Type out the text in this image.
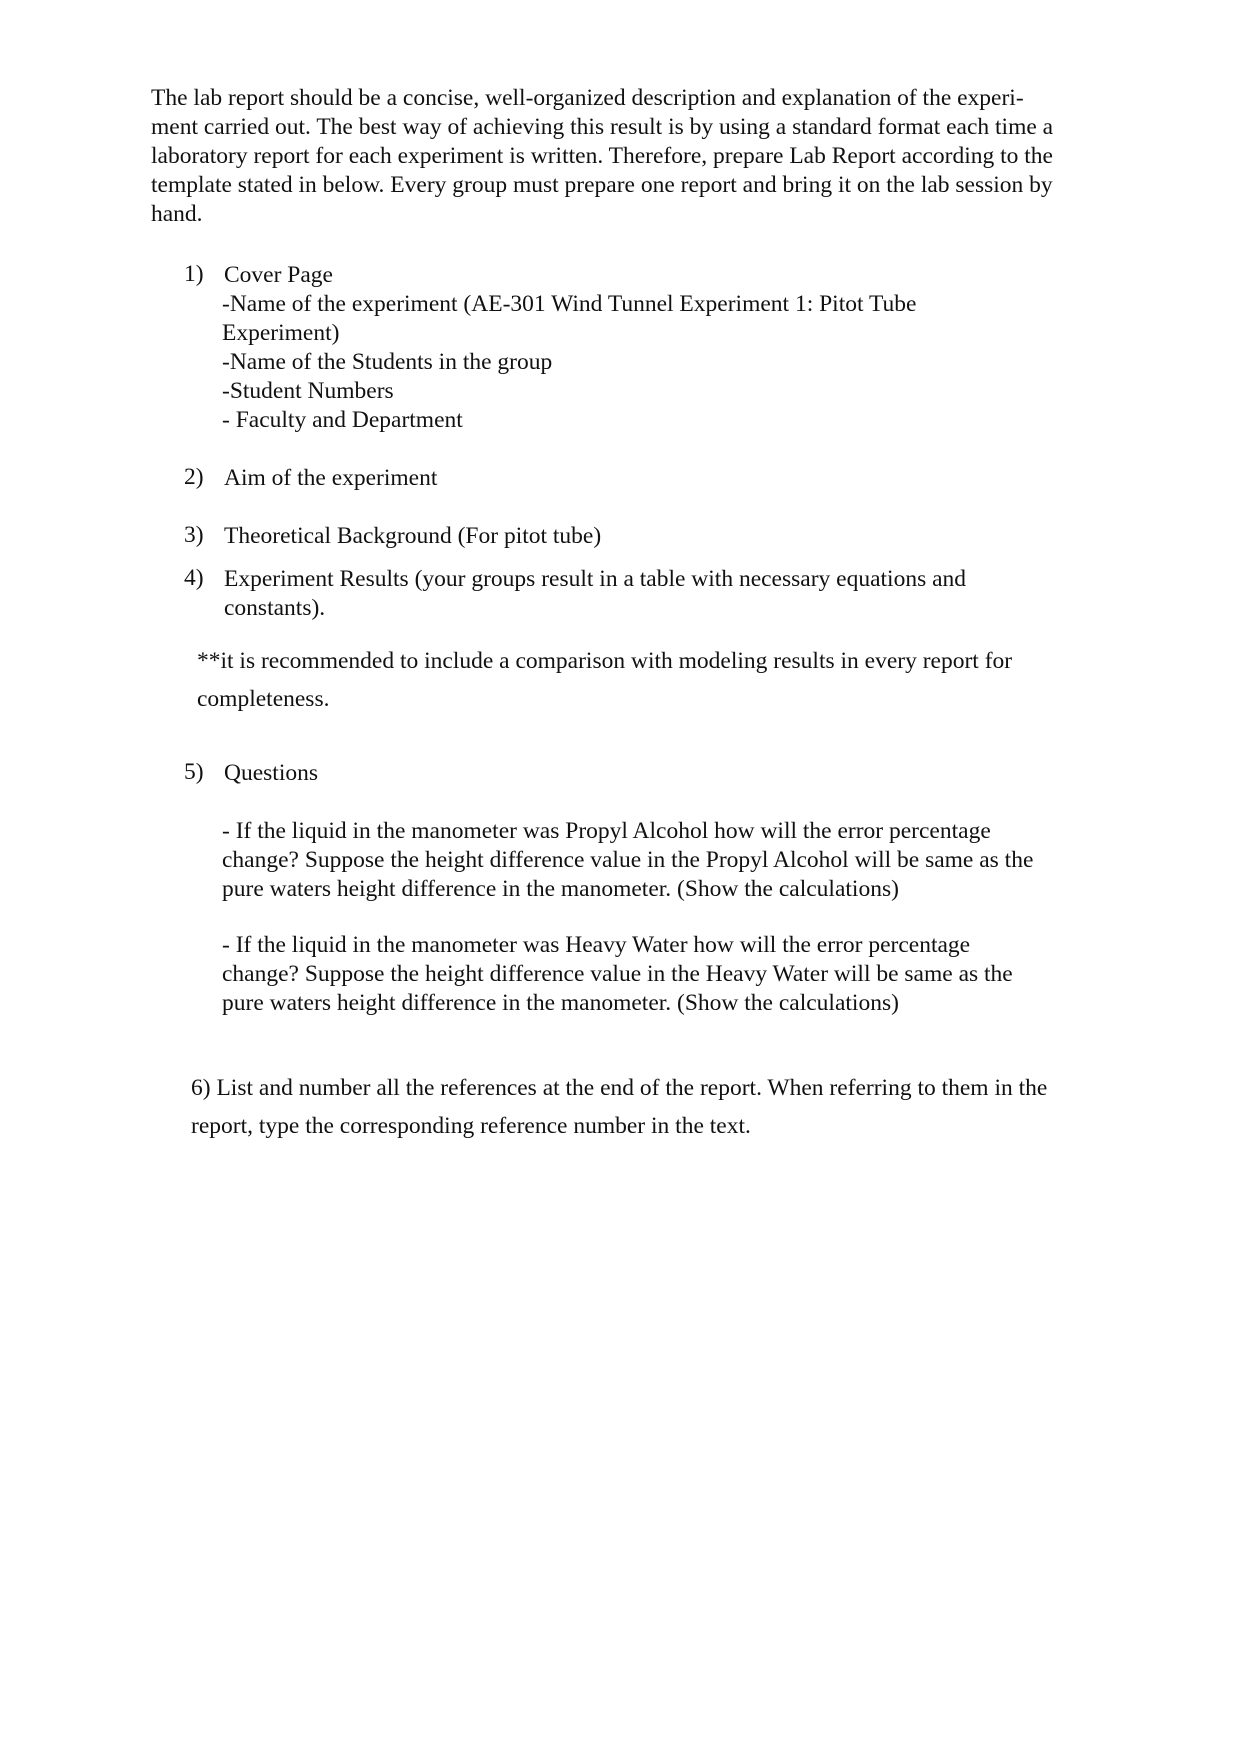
The lab report should be a concise, well-organized description and explanation of the experi-
ment carried out. The best way of achieving this result is by using a standard format each time a
laboratory report for each experiment is written. Therefore, prepare Lab Report according to the
template stated in below. Every group must prepare one report and bring it on the lab session by
hand.
1) Cover Page
-Name of the experiment (AE-301 Wind Tunnel Experiment 1: Pitot Tube
Experiment)
-Name of the Students in the group
-Student Numbers
- Faculty and Department
2) Aim of the experiment
3) Theoretical Background (For pitot tube)
4) Experiment Results (your groups result in a table with necessary equations and
constants).
**it is recommended to include a comparison with modeling results in every report for
completeness.
5) Questions
- If the liquid in the manometer was Propyl Alcohol how will the error percentage
change? Suppose the height difference value in the Propyl Alcohol will be same as the
pure waters height difference in the manometer. (Show the calculations)
- If the liquid in the manometer was Heavy Water how will the error percentage
change? Suppose the height difference value in the Heavy Water will be same as the
pure waters height difference in the manometer. (Show the calculations)
6) List and number all the references at the end of the report. When referring to them in the
report, type the corresponding reference number in the text.
